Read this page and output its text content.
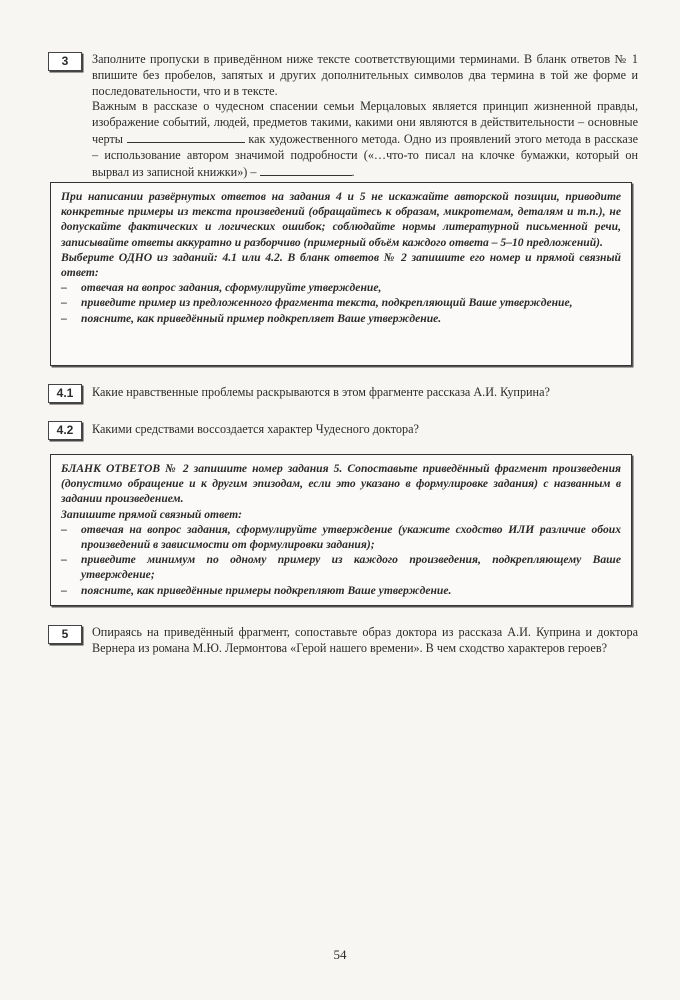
3	Заполните пропуски в приведённом ниже тексте соответствующими терминами. В бланк ответов № 1 впишите без пробелов, запятых и других дополнительных символов два термина в той же форме и последовательности, что и в тексте.

Важным в рассказе о чудесном спасении семьи Мерцаловых является принцип жизненной правды, изображение событий, людей, предметов такими, какими они являются в действительности – основные черты	как художественного метода. Одно из проявлений этого метода в рассказе – использование автором значимой подробности («…что-то писал на клочке бумажки, который он вырвал из записной книжки») –	.

При написании развёрнутых ответов на задания 4 и 5 не искажайте авторской позиции, приводите конкретные примеры из текста произведений (обращайтесь к образам, микротемам, деталям и т.п.), не допускайте фактических и логических ошибок; соблюдайте нормы литературной письменной речи, записывайте ответы аккуратно и разборчиво (примерный объём каждого ответа – 5–10 предложений).

Выберите ОДНО из заданий: 4.1 или 4.2. В бланк ответов № 2 запишите его номер и прямой связный ответ:

– отвечая на вопрос задания, сформулируйте утверждение,

– приведите пример из предложенного фрагмента текста, подкрепляющий Ваше утверждение,

– поясните, как приведённый пример подкрепляет Ваше утверждение.

4.1	Какие нравственные проблемы раскрываются в этом фрагменте рассказа А.И. Куприна?
4.2	Какими средствами воссоздается характер Чудесного доктора?

БЛАНК ОТВЕТОВ № 2 запишите номер задания 5. Сопоставьте приведённый фрагмент произведения (допустимо обращение и к другим эпизодам, если это указано в формулировке задания) с названным в задании произведением.

Запишите прямой связный ответ:

– отвечая на вопрос задания, сформулируйте утверждение (укажите сходство ИЛИ различие обоих произведений в зависимости от формулировки задания);

– приведите минимум по одному примеру из каждого произведения, подкрепляющему Ваше утверждение;

– поясните, как приведённые примеры подкрепляют Ваше утверждение.

5	Опираясь на приведённый фрагмент, сопоставьте образ доктора из рассказа А.И. Куприна и доктора Вернера из романа М.Ю. Лермонтова «Герой нашего времени». В чем сходство характеров героев?
54
